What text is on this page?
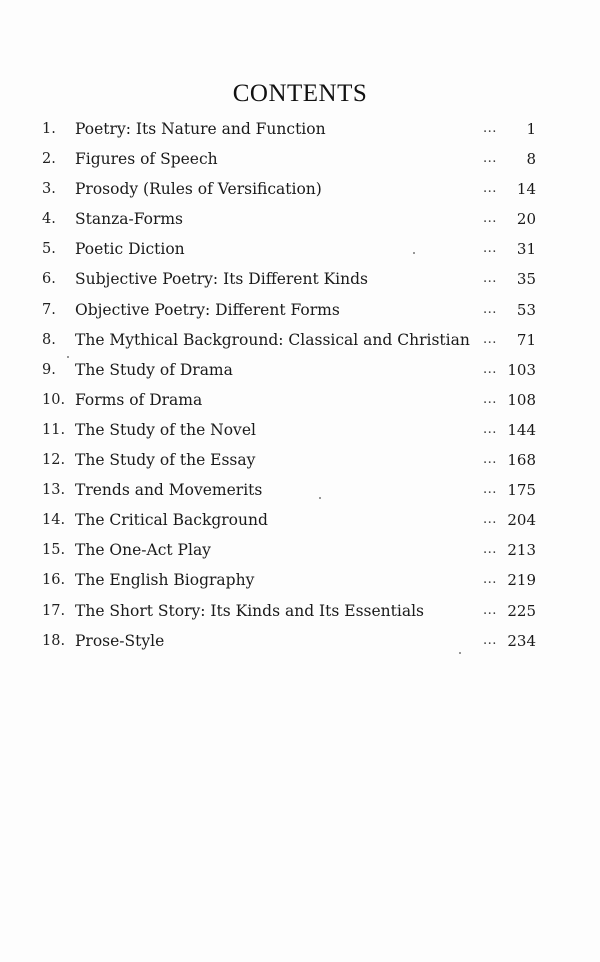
CONTENTS
1.	Poetry: Its Nature and Function	... 1
2.	Figures of Speech	... 8
3.	Prosody (Rules of Versification)	... 14
4.	Stanza-Forms	... 20
5.	Poetic Diction	... 31
6.	Subjective Poetry: Its Different Kinds	... 35
7.	Objective Poetry: Different Forms	... 53
8.	The Mythical Background: Classical and Christian ... 71
9.	The Study of Drama	... 103
10. Forms of Drama	... 108
11. The Study of the Novel	... 144
12. The Study of the Essay	... 168
13. Trends and Movemerits	... 175
14. The Critical Background	... 204
15. The One-Act Play	... 213
16. The English Biography	... 219
17. The Short Story: Its Kinds and Its Essentials	... 225
18. Prose-Style	... 234
